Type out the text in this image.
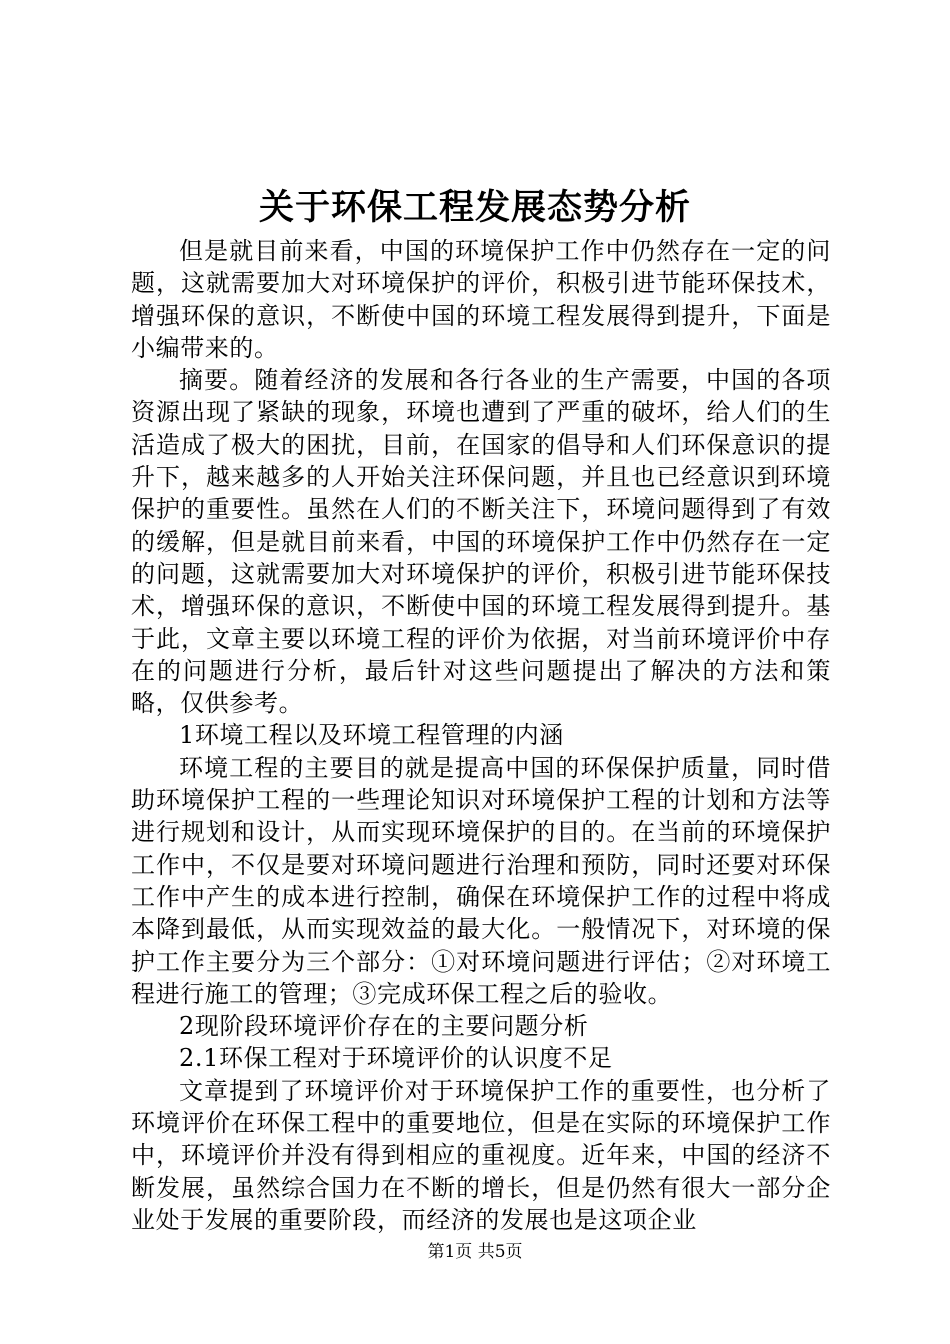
关于环保工程发展态势分析

但是就目前来看，中国的环境保护工作中仍然存在一定的问题，这就需要加大对环境保护的评价，积极引进节能环保技术，增强环保的意识，不断使中国的环境工程发展得到提升，下面是小编带来的。

摘要。随着经济的发展和各行各业的生产需要，中国的各项资源出现了紧缺的现象，环境也遭到了严重的破坏，给人们的生活造成了极大的困扰，目前，在国家的倡导和人们环保意识的提升下，越来越多的人开始关注环保问题，并且也已经意识到环境保护的重要性。虽然在人们的不断关注下，环境问题得到了有效的缓解，但是就目前来看，中国的环境保护工作中仍然存在一定的问题，这就需要加大对环境保护的评价，积极引进节能环保技术，增强环保的意识，不断使中国的环境工程发展得到提升。基于此，文章主要以环境工程的评价为依据，对当前环境评价中存在的问题进行分析，最后针对这些问题提出了解决的方法和策略，仅供参考。

1环境工程以及环境工程管理的内涵

环境工程的主要目的就是提高中国的环保保护质量，同时借助环境保护工程的一些理论知识对环境保护工程的计划和方法等进行规划和设计，从而实现环境保护的目的。在当前的环境保护工作中，不仅是要对环境问题进行治理和预防，同时还要对环保工作中产生的成本进行控制，确保在环境保护工作的过程中将成本降到最低，从而实现效益的最大化。一般情况下，对环境的保护工作主要分为三个部分：①对环境问题进行评估；②对环境工程进行施工的管理；③完成环保工程之后的验收。

2现阶段环境评价存在的主要问题分析

2.1环保工程对于环境评价的认识度不足

文章提到了环境评价对于环境保护工作的重要性，也分析了环境评价在环保工程中的重要地位，但是在实际的环境保护工作中，环境评价并没有得到相应的重视度。近年来，中国的经济不断发展，虽然综合国力在不断的增长，但是仍然有很大一部分企业处于发展的重要阶段，而经济的发展也是这项企业

第1页 共5页
